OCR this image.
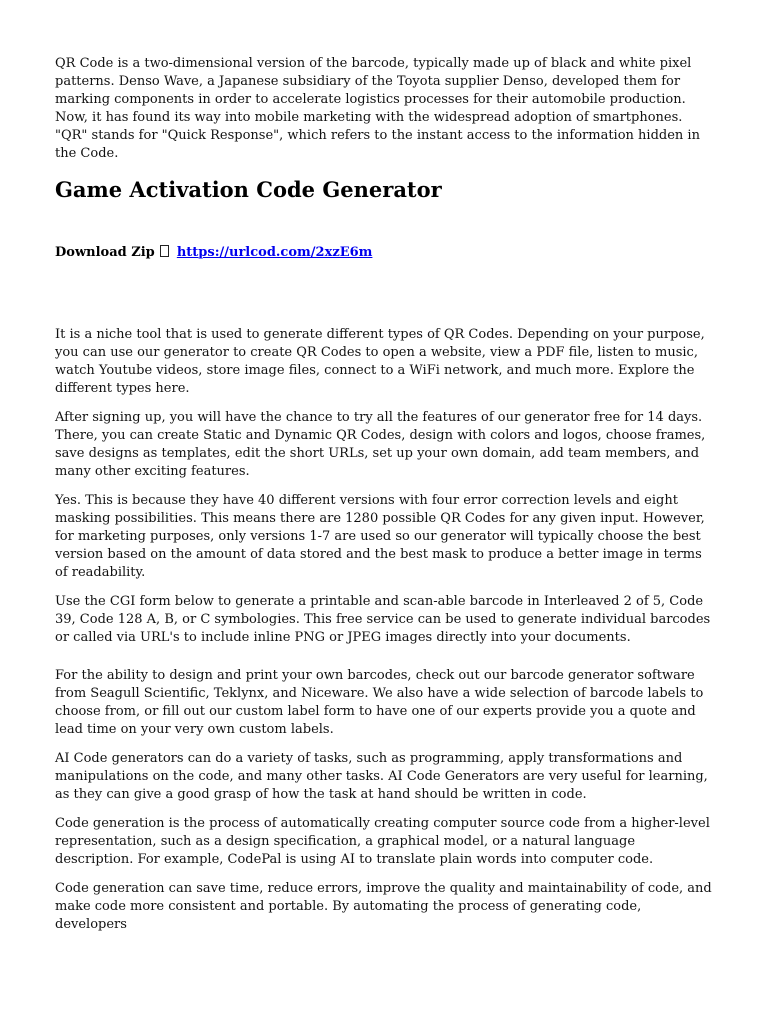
QR Code is a two-dimensional version of the barcode, typically made up of black and white pixel patterns. Denso Wave, a Japanese subsidiary of the Toyota supplier Denso, developed them for marking components in order to accelerate logistics processes for their automobile production. Now, it has found its way into mobile marketing with the widespread adoption of smartphones. "QR" stands for "Quick Response", which refers to the instant access to the information hidden in the Code.

Game Activation Code Generator
Download Zip https://urlcod.com/2xzE6m

It is a niche tool that is used to generate different types of QR Codes. Depending on your purpose, you can use our generator to create QR Codes to open a website, view a PDF file, listen to music, watch Youtube videos, store image files, connect to a WiFi network, and much more. Explore the different types here.

After signing up, you will have the chance to try all the features of our generator free for 14 days. There, you can create Static and Dynamic QR Codes, design with colors and logos, choose frames, save designs as templates, edit the short URLs, set up your own domain, add team members, and many other exciting features.

Yes. This is because they have 40 different versions with four error correction levels and eight masking possibilities. This means there are 1280 possible QR Codes for any given input. However, for marketing purposes, only versions 1-7 are used so our generator will typically choose the best version based on the amount of data stored and the best mask to produce a better image in terms of readability.

Use the CGI form below to generate a printable and scan-able barcode in Interleaved 2 of 5, Code 39, Code 128 A, B, or C symbologies. This free service can be used to generate individual barcodes or called via URL's to include inline PNG or JPEG images directly into your documents.

For the ability to design and print your own barcodes, check out our barcode generator software from Seagull Scientific, Teklynx, and Niceware. We also have a wide selection of barcode labels to choose from, or fill out our custom label form to have one of our experts provide you a quote and lead time on your very own custom labels.

AI Code generators can do a variety of tasks, such as programming, apply transformations and manipulations on the code, and many other tasks. AI Code Generators are very useful for learning, as they can give a good grasp of how the task at hand should be written in code.

Code generation is the process of automatically creating computer source code from a higher-level representation, such as a design specification, a graphical model, or a natural language description. For example, CodePal is using AI to translate plain words into computer code.

Code generation can save time, reduce errors, improve the quality and maintainability of code, and make code more consistent and portable. By automating the process of generating code, developers
